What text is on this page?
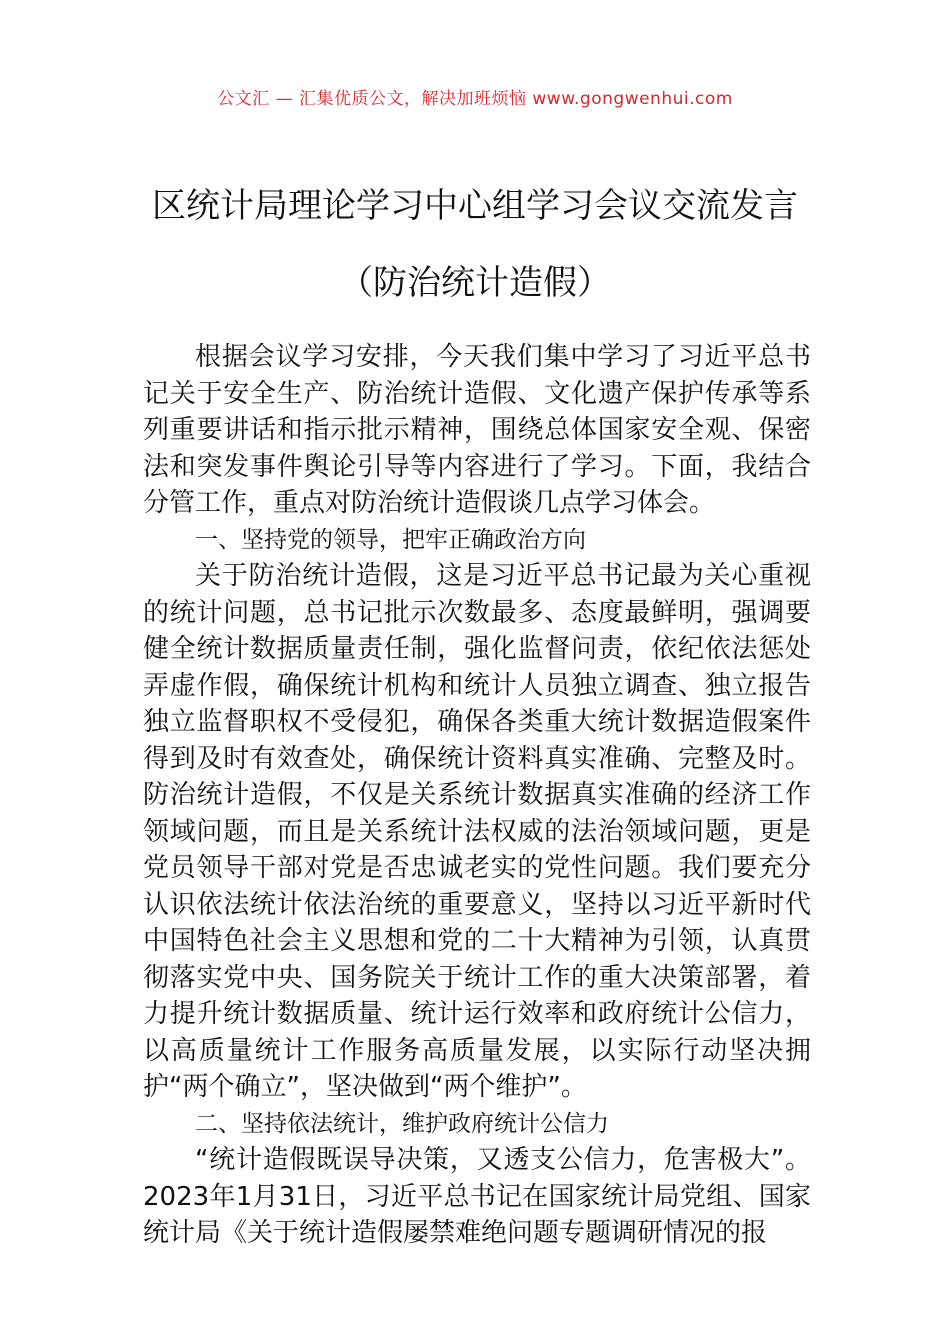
公文汇 — 汇集优质公文，解决加班烦恼 www.gongwenhui.com
区统计局理论学习中心组学习会议交流发言（防治统计造假）

根据会议学习安排，今天我们集中学习了习近平总书记关于安全生产、防治统计造假、文化遗产保护传承等系列重要讲话和指示批示精神，围绕总体国家安全观、保密法和突发事件舆论引导等内容进行了学习。下面，我结合分管工作，重点对防治统计造假谈几点学习体会。

一、坚持党的领导，把牢正确政治方向

关于防治统计造假，这是习近平总书记最为关心重视的统计问题，总书记批示次数最多、态度最鲜明，强调要健全统计数据质量责任制，强化监督问责，依纪依法惩处弄虚作假，确保统计机构和统计人员独立调查、独立报告独立监督职权不受侵犯，确保各类重大统计数据造假案件得到及时有效查处，确保统计资料真实准确、完整及时。防治统计造假，不仅是关系统计数据真实准确的经济工作领域问题，而且是关系统计法权威的法治领域问题，更是党员领导干部对党是否忠诚老实的党性问题。我们要充分认识依法统计依法治统的重要意义，坚持以习近平新时代中国特色社会主义思想和党的二十大精神为引领，认真贯彻落实党中央、国务院关于统计工作的重大决策部署，着力提升统计数据质量、统计运行效率和政府统计公信力，以高质量统计工作服务高质量发展，以实际行动坚决拥护“两个确立”，坚决做到“两个维护”。

二、坚持依法统计，维护政府统计公信力

“统计造假既误导决策，又透支公信力，危害极大”。2023年1月31日，习近平总书记在国家统计局党组、国家统计局《关于统计造假屡禁难绝问题专题调研情况的报
